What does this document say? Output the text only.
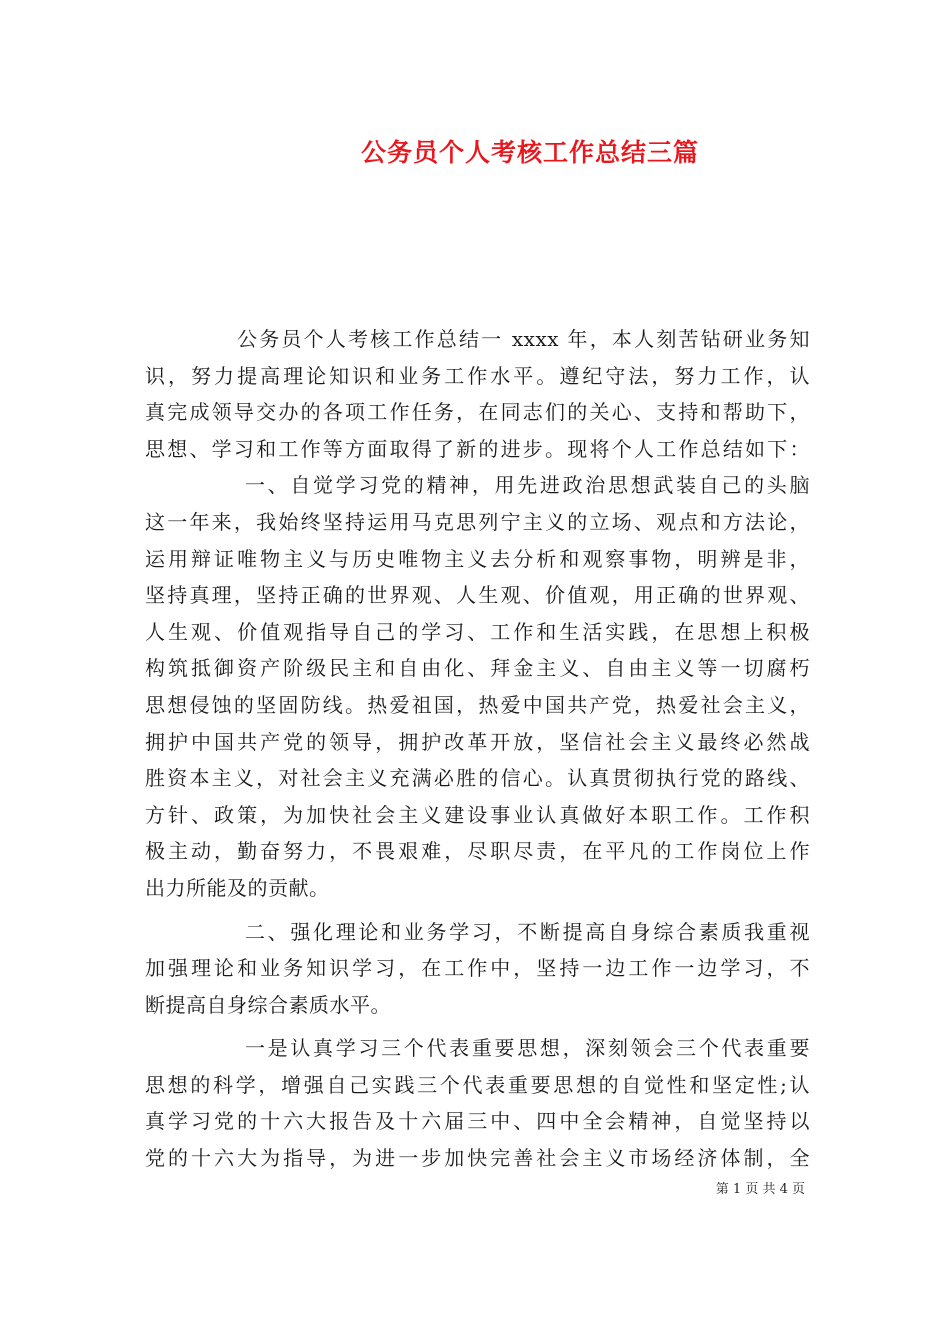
公务员个人考核工作总结三篇
公务员个人考核工作总结一 xxxx 年，本人刻苦钻研业务知
识，努力提高理论知识和业务工作水平。遵纪守法，努力工作，认
真完成领导交办的各项工作任务，在同志们的关心、支持和帮助下，
思想、学习和工作等方面取得了新的进步。现将个人工作总结如下：
一、自觉学习党的精神，用先进政治思想武装自己的头脑
这一年来，我始终坚持运用马克思列宁主义的立场、观点和方法论，
运用辩证唯物主义与历史唯物主义去分析和观察事物，明辨是非，
坚持真理，坚持正确的世界观、人生观、价值观，用正确的世界观、
人生观、价值观指导自己的学习、工作和生活实践，在思想上积极
构筑抵御资产阶级民主和自由化、拜金主义、自由主义等一切腐朽
思想侵蚀的坚固防线。热爱祖国，热爱中国共产党，热爱社会主义，
拥护中国共产党的领导，拥护改革开放，坚信社会主义最终必然战
胜资本主义，对社会主义充满必胜的信心。认真贯彻执行党的路线、
方针、政策，为加快社会主义建设事业认真做好本职工作。工作积
极主动，勤奋努力，不畏艰难，尽职尽责，在平凡的工作岗位上作
出力所能及的贡献。
二、强化理论和业务学习，不断提高自身综合素质我重视
加强理论和业务知识学习，在工作中，坚持一边工作一边学习，不
断提高自身综合素质水平。
一是认真学习三个代表重要思想，深刻领会三个代表重要
思想的科学，增强自己实践三个代表重要思想的自觉性和坚定性;认
真学习党的十六大报告及十六届三中、四中全会精神，自觉坚持以
党的十六大为指导，为进一步加快完善社会主义市场经济体制，全
第 1 页 共 4 页
